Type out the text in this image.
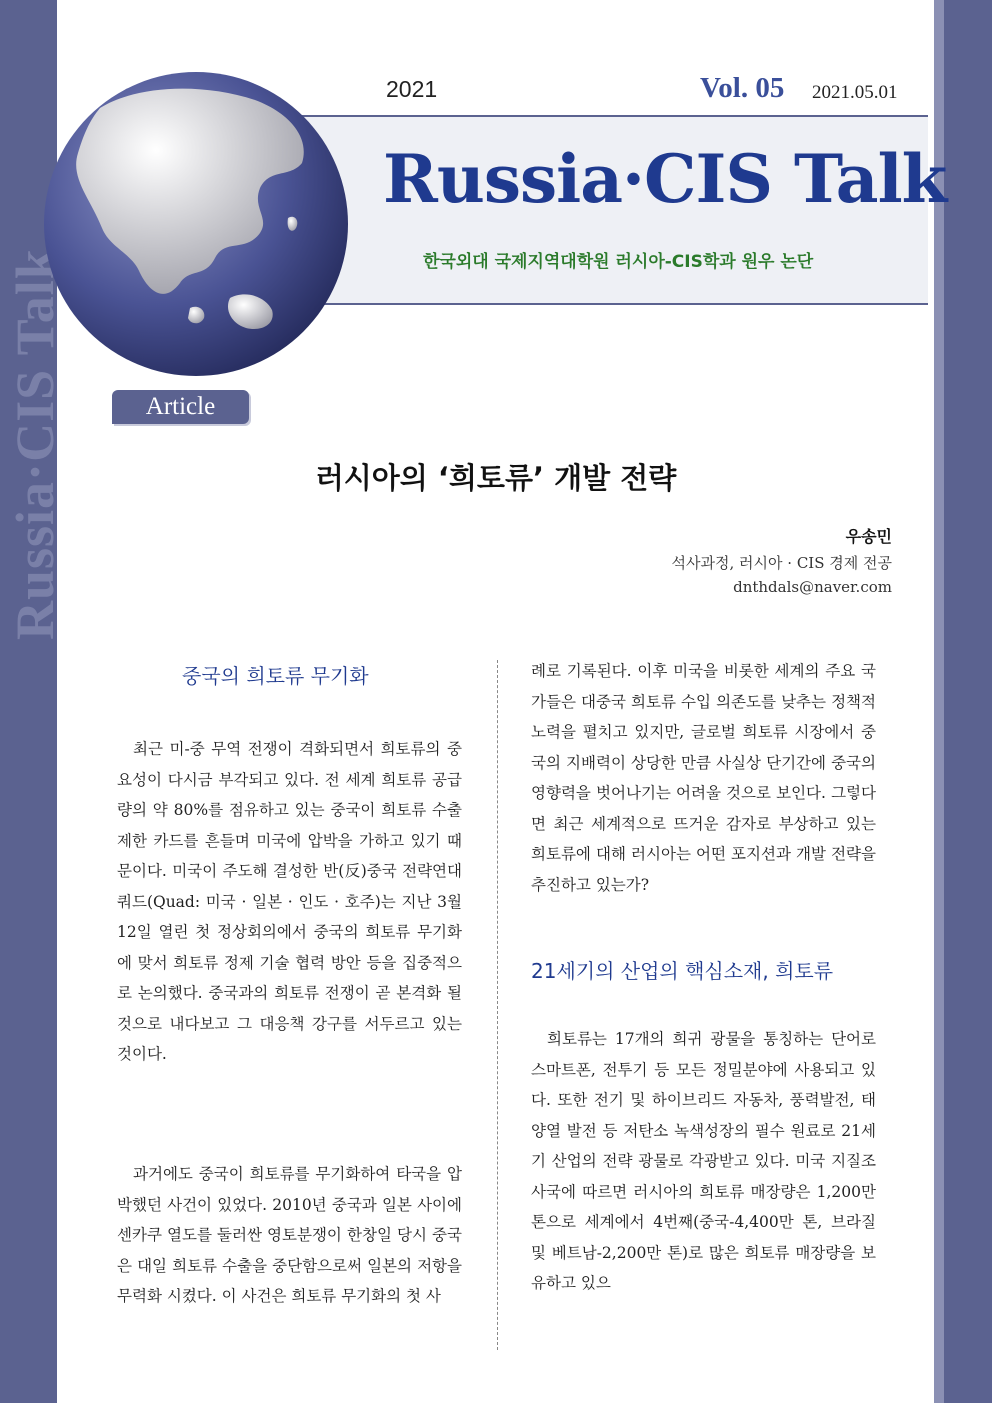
Russia·CIS Talk
2021	Vol. 05 2021.05.01
Russia·CIS Talk
한국외대 국제지역대학원 러시아-CIS학과 원우 논단
Article
러시아의 ‘희토류’ 개발 전략
우송민
석사과정, 러시아 · CIS 경제 전공
dnthdals@naver.com
중국의 희토류 무기화

최근 미-중 무역 전쟁이 격화되면서 희토류의 중요성이 다시금 부각되고 있다. 전 세계 희토류 공급량의 약 80%를 점유하고 있는 중국이 희토류 수출제한 카드를 흔들며 미국에 압박을 가하고 있기 때문이다. 미국이 주도해 결성한 반(反)중국 전략연대 쿼드(Quad: 미국 · 일본 · 인도 · 호주)는 지난 3월 12일 열린 첫 정상회의에서 중국의 희토류 무기화에 맞서 희토류 정제 기술 협력 방안 등을 집중적으로 논의했다. 중국과의 희토류 전쟁이 곧 본격화 될 것으로 내다보고 그 대응책 강구를 서두르고 있는 것이다.

과거에도 중국이 희토류를 무기화하여 타국을 압박했던 사건이 있었다. 2010년 중국과 일본 사이에 센카쿠 열도를 둘러싼 영토분쟁이 한창일 당시 중국은 대일 희토류 수출을 중단함으로써 일본의 저항을 무력화 시켰다. 이 사건은 희토류 무기화의 첫 사

례로 기록된다. 이후 미국을 비롯한 세계의 주요 국가들은 대중국 희토류 수입 의존도를 낮추는 정책적 노력을 펼치고 있지만, 글로벌 희토류 시장에서 중국의 지배력이 상당한 만큼 사실상 단기간에 중국의 영향력을 벗어나기는 어려울 것으로 보인다. 그렇다면 최근 세계적으로 뜨거운 감자로 부상하고 있는 희토류에 대해 러시아는 어떤 포지션과 개발 전략을 추진하고 있는가?

21세기의 산업의 핵심소재, 희토류

희토류는 17개의 희귀 광물을 통칭하는 단어로 스마트폰, 전투기 등 모든 정밀분야에 사용되고 있다. 또한 전기 및 하이브리드 자동차, 풍력발전, 태양열 발전 등 저탄소 녹색성장의 필수 원료로 21세기 산업의 전략 광물로 각광받고 있다. 미국 지질조사국에 따르면 러시아의 희토류 매장량은 1,200만 톤으로 세계에서 4번째(중국-4,400만 톤, 브라질 및 베트남-2,200만 톤)로 많은 희토류 매장량을 보유하고 있으
